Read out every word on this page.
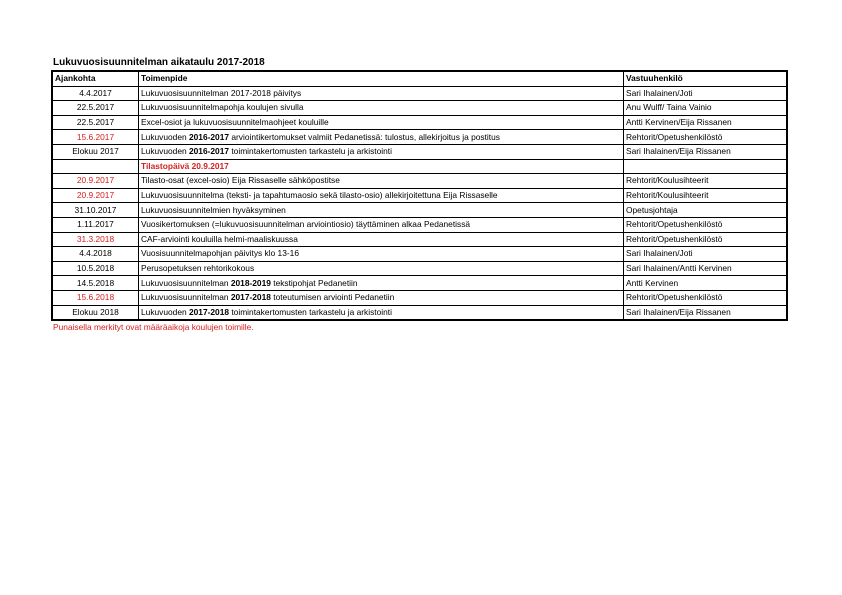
Lukuvuosisuunnitelman aikataulu 2017-2018
Ajankohta	Toimenpide	Vastuuhenkilö
4.4.2017	Lukuvuosisuunnitelman 2017-2018 päivitys	Sari Ihalainen/Joti
22.5.2017	Lukuvuosisuunnitelmapohja koulujen sivulla	Anu Wulff/ Taina Vainio
22.5.2017	Excel-osiot ja lukuvuosisuunnitelmaohjeet kouluille	Antti Kervinen/Eija Rissanen
15.6.2017	Lukuvuoden 2016-2017 arviointikertomukset valmiit Pedanetissä: tulostus, allekirjoitus ja postitus	Rehtorit/Opetushenkilöstö
Elokuu 2017	Lukuvuoden 2016-2017 toimintakertomusten tarkastelu ja arkistointi	Sari Ihalainen/Eija Rissanen
	Tilastopäivä 20.9.2017	
20.9.2017	Tilasto-osat (excel-osio) Eija Rissaselle sähköpostitse	Rehtorit/Koulusihteerit
20.9.2017	Lukuvuosisuunnitelma (teksti- ja tapahtumaosio sekä tilasto-osio) allekirjoitettuna Eija Rissaselle	Rehtorit/Koulusihteerit
31.10.2017	Lukuvuosisuunnitelmien hyväksyminen	Opetusjohtaja
1.11.2017	Vuosikertomuksen (=lukuvuosisuunnitelman arviointiosio) täyttäminen alkaa Pedanetissä	Rehtorit/Opetushenkilöstö
31.3.2018	CAF-arviointi kouluilla helmi-maaliskuussa	Rehtorit/Opetushenkilöstö
4.4.2018	Vuosisuunnitelmapohjan päivitys klo 13-16	Sari Ihalainen/Joti
10.5.2018	Perusopetuksen rehtorikokous	Sari Ihalainen/Antti Kervinen
14.5.2018	Lukuvuosisuunnitelman 2018-2019 tekstipohjat Pedanetiin	Antti Kervinen
15.6.2018	Lukuvuosisuunnitelman 2017-2018 toteutumisen arviointi Pedanetiin	Rehtorit/Opetushenkilöstö
Elokuu 2018	Lukuvuoden 2017-2018 toimintakertomusten tarkastelu ja arkistointi	Sari Ihalainen/Eija Rissanen
Punaisella merkityt ovat määräaikoja koulujen toimille.
